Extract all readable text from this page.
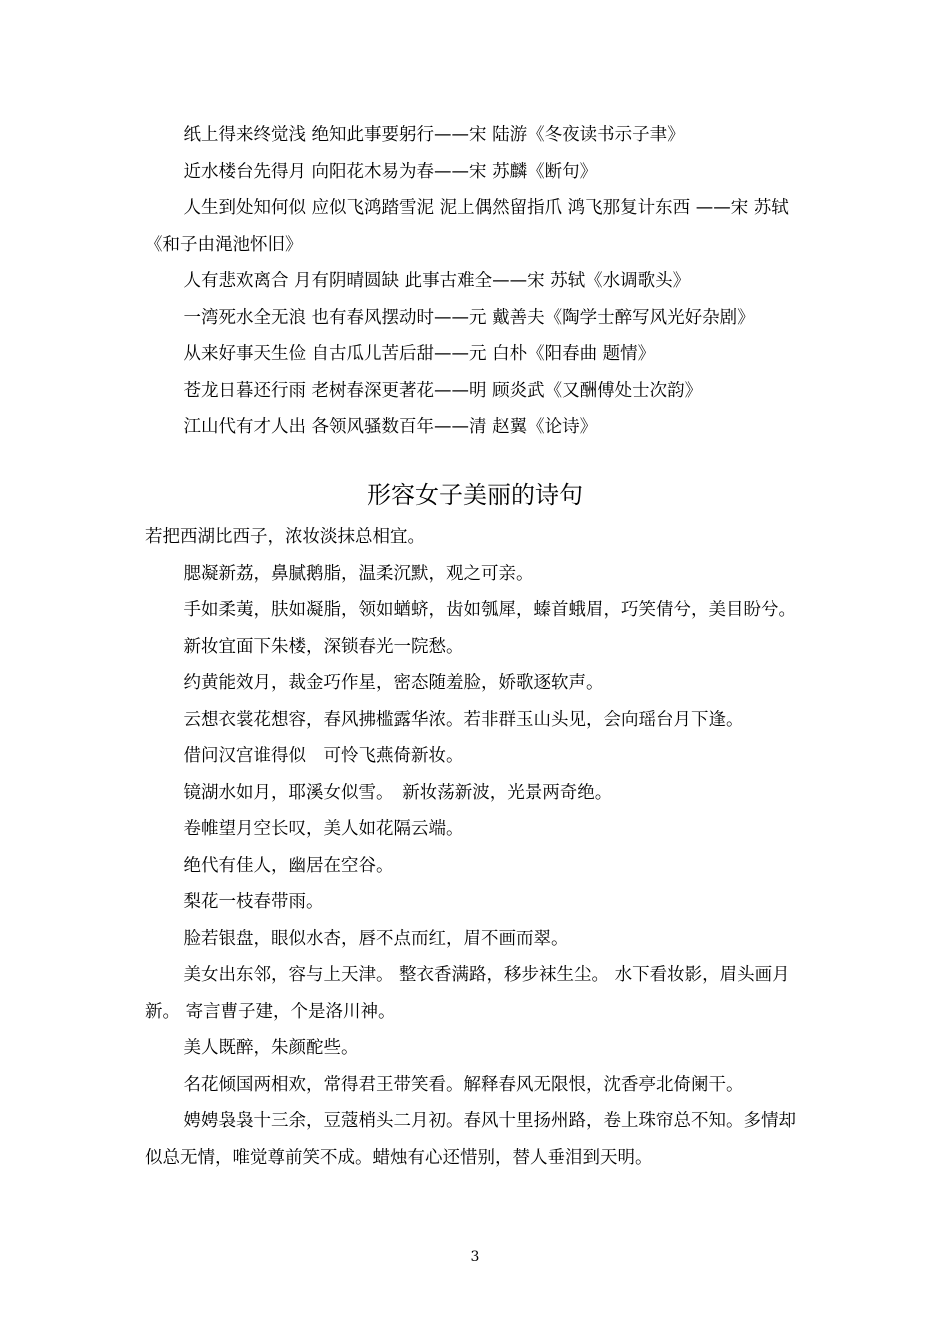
纸上得来终觉浅 绝知此事要躬行——宋 陆游《冬夜读书示子聿》

近水楼台先得月 向阳花木易为春——宋 苏麟《断句》

人生到处知何似 应似飞鸿踏雪泥 泥上偶然留指爪 鸿飞那复计东西 ——宋 苏轼《和子由渑池怀旧》

人有悲欢离合 月有阴晴圆缺 此事古难全——宋 苏轼《水调歌头》

一湾死水全无浪 也有春风摆动时——元 戴善夫《陶学士醉写风光好杂剧》

从来好事天生俭 自古瓜儿苦后甜——元 白朴《阳春曲 题情》

苍龙日暮还行雨 老树春深更著花——明 顾炎武《又酬傅处士次韵》

江山代有才人出 各领风骚数百年——清 赵翼《论诗》

形容女子美丽的诗句

若把西湖比西子，浓妆淡抹总相宜。

腮凝新荔，鼻腻鹅脂，温柔沉默，观之可亲。

手如柔荑，肤如凝脂，领如蝤蛴，齿如瓠犀，螓首蛾眉，巧笑倩兮，美目盼兮。

新妆宜面下朱楼，深锁春光一院愁。

约黄能效月，裁金巧作星，密态随羞脸，娇歌逐软声。

云想衣裳花想容，春风拂槛露华浓。若非群玉山头见，会向瑶台月下逢。

借问汉宫谁得似　可怜飞燕倚新妆。

镜湖水如月，耶溪女似雪。　新妆荡新波，光景两奇绝。

卷帷望月空长叹，美人如花隔云端。

绝代有佳人，幽居在空谷。

梨花一枝春带雨。

脸若银盘，眼似水杏，唇不点而红，眉不画而翠。

美女出东邻，容与上天津。 整衣香满路，移步袜生尘。 水下看妆影，眉头画月新。 寄言曹子建，个是洛川神。

美人既醉，朱颜酡些。

名花倾国两相欢，常得君王带笑看。解释春风无限恨，沈香亭北倚阑干。

娉娉袅袅十三余，豆蔻梢头二月初。春风十里扬州路，卷上珠帘总不知。多情却似总无情，唯觉尊前笑不成。蜡烛有心还惜别，替人垂泪到天明。

3
